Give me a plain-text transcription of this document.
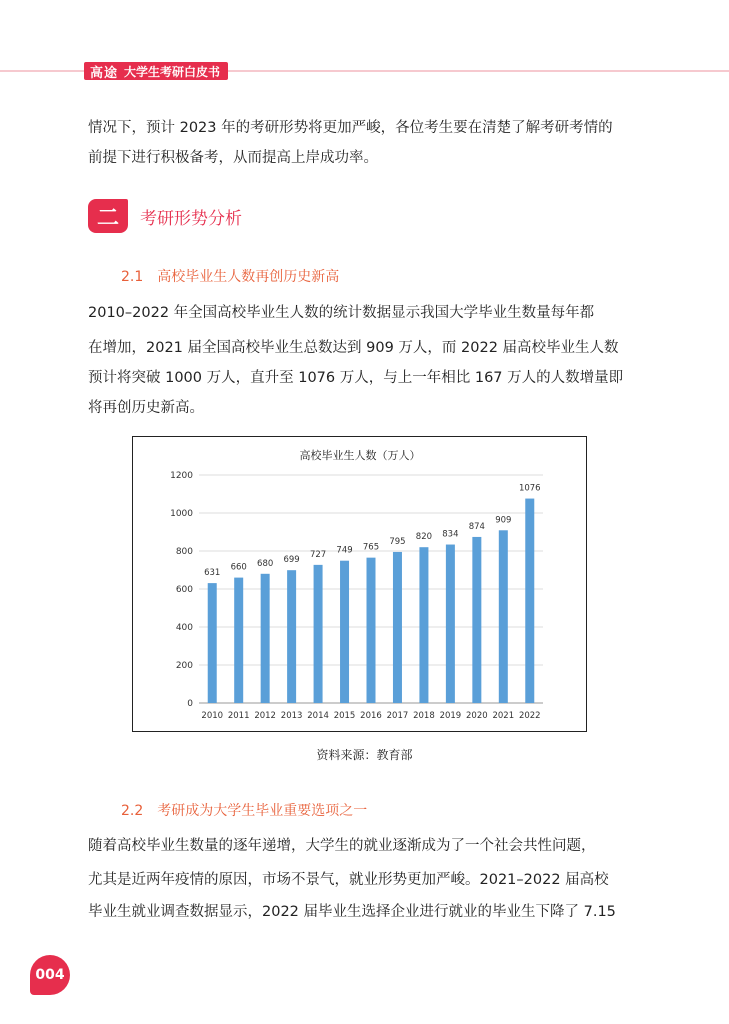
高途 大学生考研白皮书

情况下，预计 2023 年的考研形势将更加严峻，各位考生要在清楚了解考研考情的

前提下进行积极备考，从而提高上岸成功率。

二	考研形势分析
2.1 高校毕业生人数再创历史新高

2010–2022 年全国高校毕业生人数的统计数据显示我国大学毕业生数量每年都

在增加，2021 届全国高校毕业生总数达到 909 万人，而 2022 届高校毕业生人数

预计将突破 1000 万人，直升至 1076 万人，与上一年相比 167 万人的人数增量即

将再创历史新高。

高校毕业生人数（万人）
0
200
400
600
800
1000
1200
631
2010
660
2011
680
2012
699
2013
727
2014
749
2015
765
2016
795
2017
820
2018
834
2019
874
2020
909
2021
1076
2022
资料来源：教育部
2.2 考研成为大学生毕业重要选项之一

随着高校毕业生数量的逐年递增，大学生的就业逐渐成为了一个社会共性问题，

尤其是近两年疫情的原因，市场不景气，就业形势更加严峻。2021–2022 届高校

毕业生就业调查数据显示，2022 届毕业生选择企业进行就业的毕业生下降了 7.15

004
